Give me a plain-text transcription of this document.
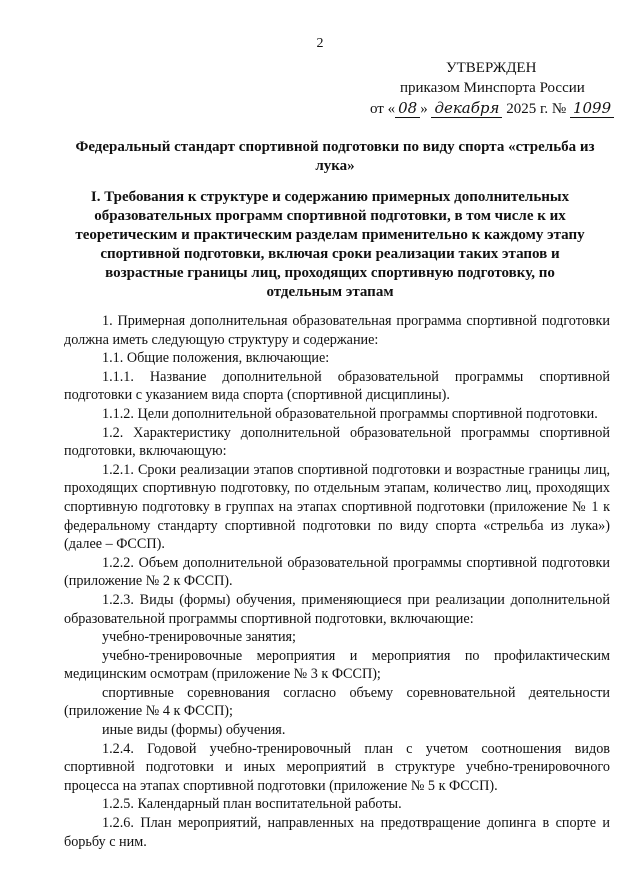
2
УТВЕРЖДЕН
приказом Минспорта России
от « 08 » декабря 2025 г. № 1099
Федеральный стандарт спортивной подготовки по виду спорта «стрельба из лука»
I. Требования к структуре и содержанию примерных дополнительных образовательных программ спортивной подготовки, в том числе к их теоретическим и практическим разделам применительно к каждому этапу спортивной подготовки, включая сроки реализации таких этапов и возрастные границы лиц, проходящих спортивную подготовку, по отдельным этапам

1. Примерная дополнительная образовательная программа спортивной подготовки должна иметь следующую структуру и содержание:

1.1. Общие положения, включающие:

1.1.1. Название дополнительной образовательной программы спортивной подготовки с указанием вида спорта (спортивной дисциплины).

1.1.2. Цели дополнительной образовательной программы спортивной подготовки.

1.2. Характеристику дополнительной образовательной программы спортивной подготовки, включающую:

1.2.1. Сроки реализации этапов спортивной подготовки и возрастные границы лиц, проходящих спортивную подготовку, по отдельным этапам, количество лиц, проходящих спортивную подготовку в группах на этапах спортивной подготовки (приложение № 1 к федеральному стандарту спортивной подготовки по виду спорта «стрельба из лука») (далее – ФССП).

1.2.2. Объем дополнительной образовательной программы спортивной подготовки (приложение № 2 к ФССП).

1.2.3. Виды (формы) обучения, применяющиеся при реализации дополнительной образовательной программы спортивной подготовки, включающие:

учебно-тренировочные занятия;

учебно-тренировочные мероприятия и мероприятия по профилактическим медицинским осмотрам (приложение № 3 к ФССП);

спортивные соревнования согласно объему соревновательной деятельности (приложение № 4 к ФССП);

иные виды (формы) обучения.

1.2.4. Годовой учебно-тренировочный план с учетом соотношения видов спортивной подготовки и иных мероприятий в структуре учебно-тренировочного процесса на этапах спортивной подготовки (приложение № 5 к ФССП).

1.2.5. Календарный план воспитательной работы.

1.2.6. План мероприятий, направленных на предотвращение допинга в спорте и борьбу с ним.
